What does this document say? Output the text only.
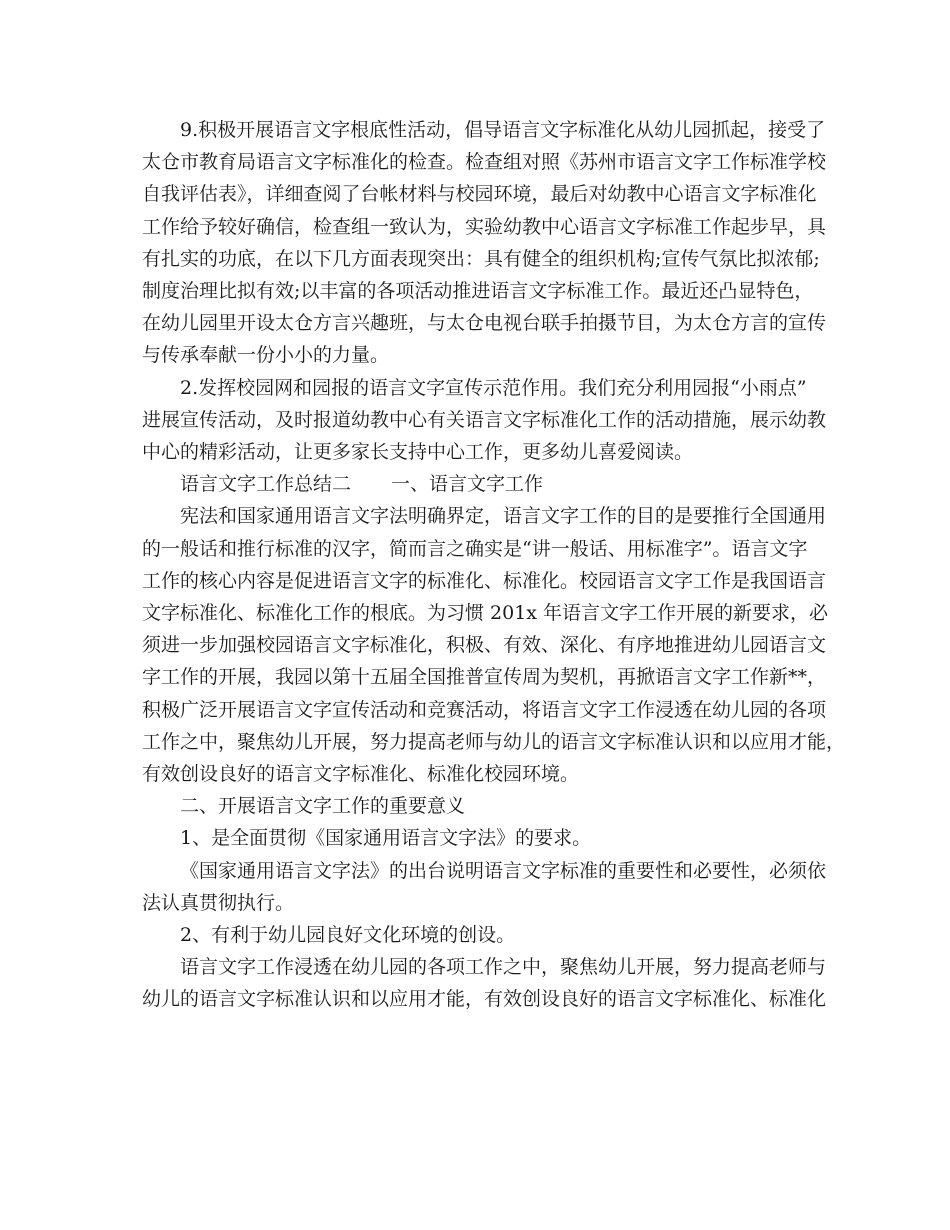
9.积极开展语言文字根底性活动，倡导语言文字标准化从幼儿园抓起，接受了
太仓市教育局语言文字标准化的检查。检查组对照《苏州市语言文字工作标准学校
自我评估表》，详细查阅了台帐材料与校园环境，最后对幼教中心语言文字标准化
工作给予较好确信，检查组一致认为，实验幼教中心语言文字标准工作起步早，具
有扎实的功底，在以下几方面表现突出：具有健全的组织机构;宣传气氛比拟浓郁;
制度治理比拟有效;以丰富的各项活动推进语言文字标准工作。最近还凸显特色，
在幼儿园里开设太仓方言兴趣班，与太仓电视台联手拍摄节目，为太仓方言的宣传
与传承奉献一份小小的力量。
2.发挥校园网和园报的语言文字宣传示范作用。我们充分利用园报“小雨点”
进展宣传活动，及时报道幼教中心有关语言文字标准化工作的活动措施，展示幼教
中心的精彩活动，让更多家长支持中心工作，更多幼儿喜爱阅读。
语言文字工作总结二 一、语言文字工作
宪法和国家通用语言文字法明确界定，语言文字工作的目的是要推行全国通用
的一般话和推行标准的汉字，简而言之确实是“讲一般话、用标准字”。语言文字
工作的核心内容是促进语言文字的标准化、标准化。校园语言文字工作是我国语言
文字标准化、标准化工作的根底。为习惯 201x 年语言文字工作开展的新要求，必
须进一步加强校园语言文字标准化，积极、有效、深化、有序地推进幼儿园语言文
字工作的开展，我园以第十五届全国推普宣传周为契机，再掀语言文字工作新**，
积极广泛开展语言文字宣传活动和竞赛活动，将语言文字工作浸透在幼儿园的各项
工作之中，聚焦幼儿开展，努力提高老师与幼儿的语言文字标准认识和以应用才能，
有效创设良好的语言文字标准化、标准化校园环境。
二、开展语言文字工作的重要意义
1、是全面贯彻《国家通用语言文字法》的要求。
《国家通用语言文字法》的出台说明语言文字标准的重要性和必要性，必须依
法认真贯彻执行。
2、有利于幼儿园良好文化环境的创设。
语言文字工作浸透在幼儿园的各项工作之中，聚焦幼儿开展，努力提高老师与
幼儿的语言文字标准认识和以应用才能，有效创设良好的语言文字标准化、标准化
